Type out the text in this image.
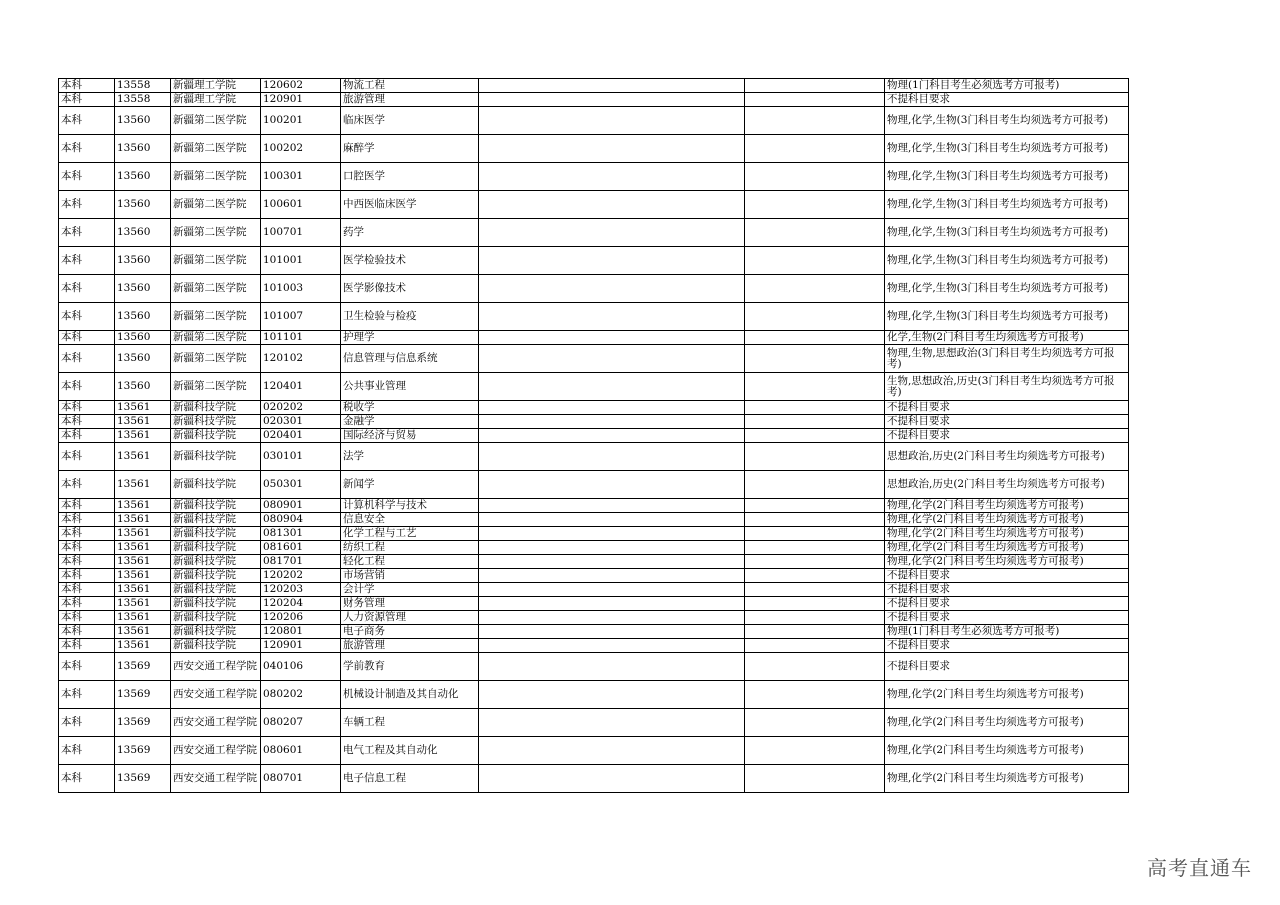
本科	13558	新疆理工学院	120602	物流工程			物理(1门科目考生必须选考方可报考)
本科	13558	新疆理工学院	120901	旅游管理			不提科目要求
本科	13560	新疆第二医学院	100201	临床医学			物理,化学,生物(3门科目考生均须选考方可报考)
本科	13560	新疆第二医学院	100202	麻醉学			物理,化学,生物(3门科目考生均须选考方可报考)
本科	13560	新疆第二医学院	100301	口腔医学			物理,化学,生物(3门科目考生均须选考方可报考)
本科	13560	新疆第二医学院	100601	中西医临床医学			物理,化学,生物(3门科目考生均须选考方可报考)
本科	13560	新疆第二医学院	100701	药学			物理,化学,生物(3门科目考生均须选考方可报考)
本科	13560	新疆第二医学院	101001	医学检验技术			物理,化学,生物(3门科目考生均须选考方可报考)
本科	13560	新疆第二医学院	101003	医学影像技术			物理,化学,生物(3门科目考生均须选考方可报考)
本科	13560	新疆第二医学院	101007	卫生检验与检疫			物理,化学,生物(3门科目考生均须选考方可报考)
本科	13560	新疆第二医学院	101101	护理学			化学,生物(2门科目考生均须选考方可报考)
本科	13560	新疆第二医学院	120102	信息管理与信息系统			物理,生物,思想政治(3门科目考生均须选考方可报考)
本科	13560	新疆第二医学院	120401	公共事业管理			生物,思想政治,历史(3门科目考生均须选考方可报考)
本科	13561	新疆科技学院	020202	税收学			不提科目要求
本科	13561	新疆科技学院	020301	金融学			不提科目要求
本科	13561	新疆科技学院	020401	国际经济与贸易			不提科目要求
本科	13561	新疆科技学院	030101	法学			思想政治,历史(2门科目考生均须选考方可报考)
本科	13561	新疆科技学院	050301	新闻学			思想政治,历史(2门科目考生均须选考方可报考)
本科	13561	新疆科技学院	080901	计算机科学与技术			物理,化学(2门科目考生均须选考方可报考)
本科	13561	新疆科技学院	080904	信息安全			物理,化学(2门科目考生均须选考方可报考)
本科	13561	新疆科技学院	081301	化学工程与工艺			物理,化学(2门科目考生均须选考方可报考)
本科	13561	新疆科技学院	081601	纺织工程			物理,化学(2门科目考生均须选考方可报考)
本科	13561	新疆科技学院	081701	轻化工程			物理,化学(2门科目考生均须选考方可报考)
本科	13561	新疆科技学院	120202	市场营销			不提科目要求
本科	13561	新疆科技学院	120203	会计学			不提科目要求
本科	13561	新疆科技学院	120204	财务管理			不提科目要求
本科	13561	新疆科技学院	120206	人力资源管理			不提科目要求
本科	13561	新疆科技学院	120801	电子商务			物理(1门科目考生必须选考方可报考)
本科	13561	新疆科技学院	120901	旅游管理			不提科目要求
本科	13569	西安交通工程学院	040106	学前教育			不提科目要求
本科	13569	西安交通工程学院	080202	机械设计制造及其自动化			物理,化学(2门科目考生均须选考方可报考)
本科	13569	西安交通工程学院	080207	车辆工程			物理,化学(2门科目考生均须选考方可报考)
本科	13569	西安交通工程学院	080601	电气工程及其自动化			物理,化学(2门科目考生均须选考方可报考)
本科	13569	西安交通工程学院	080701	电子信息工程			物理,化学(2门科目考生均须选考方可报考)
高考直通车
